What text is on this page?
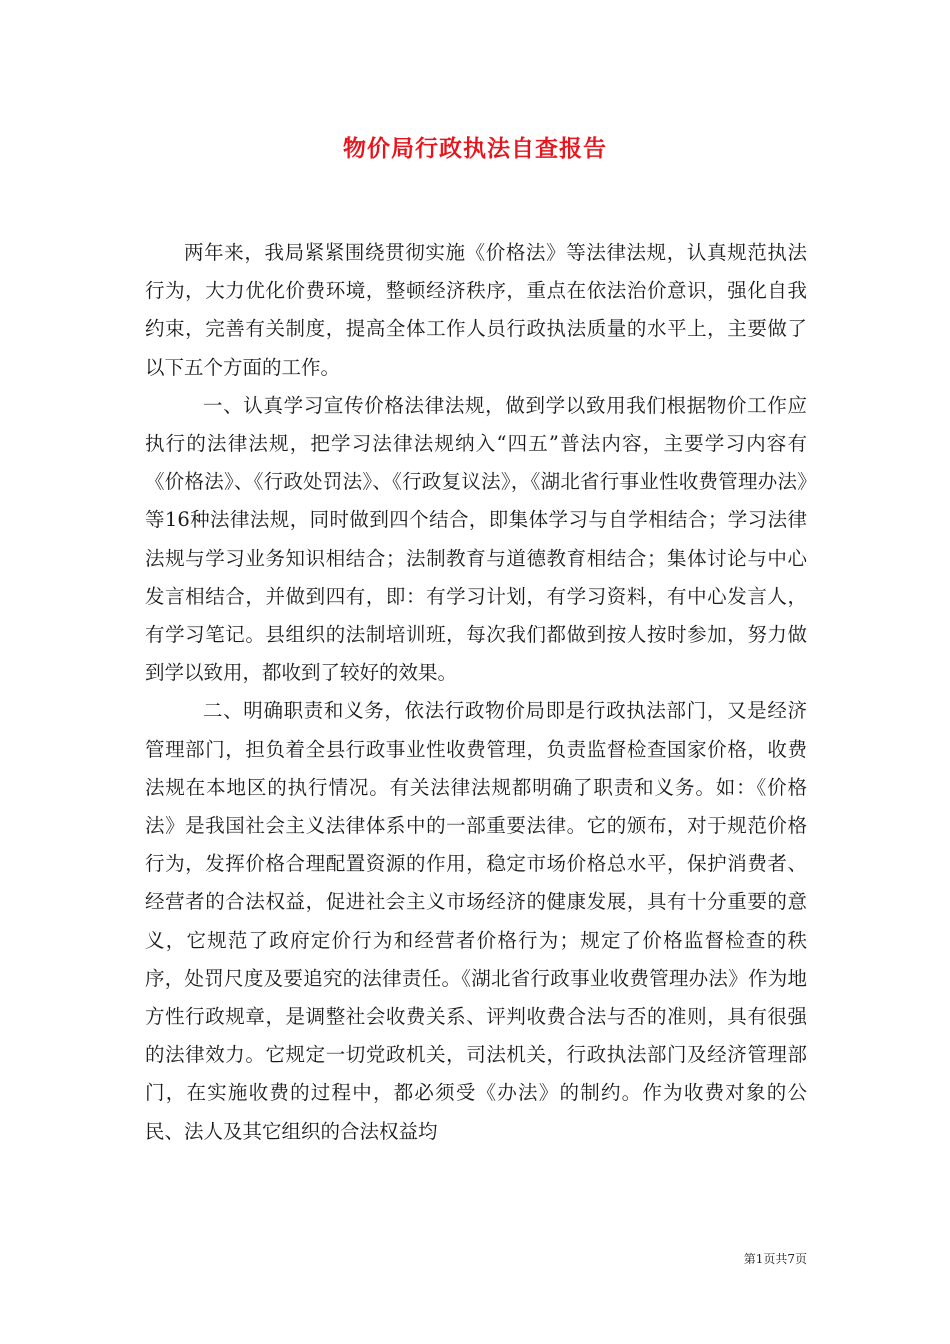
物价局行政执法自查报告

两年来，我局紧紧围绕贯彻实施《价格法》等法律法规，认真规范执法行为，大力优化价费环境，整顿经济秩序，重点在依法治价意识，强化自我约束，完善有关制度，提高全体工作人员行政执法质量的水平上，主要做了以下五个方面的工作。

一、认真学习宣传价格法律法规，做到学以致用我们根据物价工作应执行的法律法规，把学习法律法规纳入“四五”普法内容，主要学习内容有《价格法》、《行政处罚法》、《行政复议法》，《湖北省行事业性收费管理办法》等16种法律法规，同时做到四个结合，即集体学习与自学相结合；学习法律法规与学习业务知识相结合；法制教育与道德教育相结合；集体讨论与中心发言相结合，并做到四有，即：有学习计划，有学习资料，有中心发言人，有学习笔记。县组织的法制培训班，每次我们都做到按人按时参加，努力做到学以致用，都收到了较好的效果。

二、明确职责和义务，依法行政物价局即是行政执法部门，又是经济管理部门，担负着全县行政事业性收费管理，负责监督检查国家价格，收费法规在本地区的执行情况。有关法律法规都明确了职责和义务。如：《价格法》是我国社会主义法律体系中的一部重要法律。它的颁布，对于规范价格行为，发挥价格合理配置资源的作用，稳定市场价格总水平，保护消费者、经营者的合法权益，促进社会主义市场经济的健康发展，具有十分重要的意义，它规范了政府定价行为和经营者价格行为；规定了价格监督检查的秩序，处罚尺度及要追究的法律责任。《湖北省行政事业收费管理办法》作为地方性行政规章，是调整社会收费关系、评判收费合法与否的准则，具有很强的法律效力。它规定一切党政机关，司法机关，行政执法部门及经济管理部门，在实施收费的过程中，都必须受《办法》的制约。作为收费对象的公民、法人及其它组织的合法权益均

第1页共7页
